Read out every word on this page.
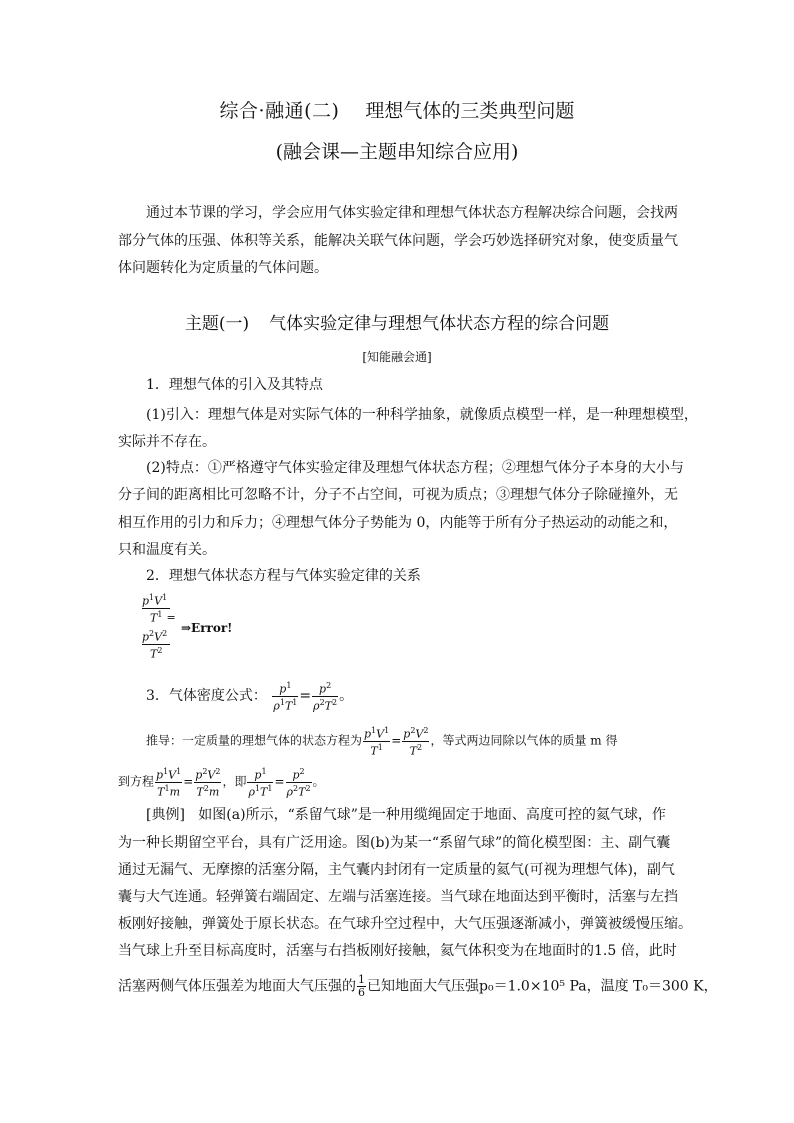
综合·融通(二) 理想气体的三类典型问题
(融会课—主题串知综合应用)
通过本节课的学习，学会应用气体实验定律和理想气体状态方程解决综合问题，会找两
部分气体的压强、体积等关系，能解决关联气体问题，学会巧妙选择研究对象，使变质量气
体问题转化为定质量的气体问题。
主题(一) 气体实验定律与理想气体状态方程的综合问题
[知能融会通]
1．理想气体的引入及其特点
(1)引入：理想气体是对实际气体的一种科学抽象，就像质点模型一样，是一种理想模型，
实际并不存在。
(2)特点：①严格遵守气体实验定律及理想气体状态方程；②理想气体分子本身的大小与
分子间的距离相比可忽略不计，分子不占空间，可视为质点；③理想气体分子除碰撞外，无
相互作用的引力和斥力；④理想气体分子势能为 0，内能等于所有分子热运动的动能之和，
只和温度有关。
2．理想气体状态方程与气体实验定律的关系
$p^1V^1$
$T^1$ =
$p^2V^2$
$T^2$
⇒Error!
3．气体密度公式： $\frac{p^1}{\rho^1T^1} = \frac{p^2}{\rho^2T^2}$ 。
推导：一定质量的理想气体的状态方程为 $\frac{p^1V^1}{T^1} = \frac{p^2V^2}{T^2}$ ，等式两边同除以气体的质量 m 得
到方程 $\frac{p^1V^1}{T^1m} = \frac{p^2V^2}{T^2m}$ ，即 $\frac{p^1}{\rho^1T^1} = \frac{p^2}{\rho^2T^2}$ 。
[典例] 如图(a)所示，“系留气球”是一种用缆绳固定于地面、高度可控的氦气球，作
为一种长期留空平台，具有广泛用途。图(b)为某一“系留气球”的简化模型图：主、副气囊
通过无漏气、无摩擦的活塞分隔，主气囊内封闭有一定质量的氦气(可视为理想气体)，副气
囊与大气连通。轻弹簧右端固定、左端与活塞连接。当气球在地面达到平衡时，活塞与左挡
板刚好接触，弹簧处于原长状态。在气球升空过程中，大气压强逐渐减小，弹簧被缓慢压缩。
当气球上升至目标高度时，活塞与右挡板刚好接触，氦气体积变为在地面时的1.5 倍，此时
活塞两侧气体压强差为地面大气压强的 $\frac{1}{6}$ 已知地面大气压强p₀＝1.0×10⁵ Pa，温度 T₀＝300 K，
